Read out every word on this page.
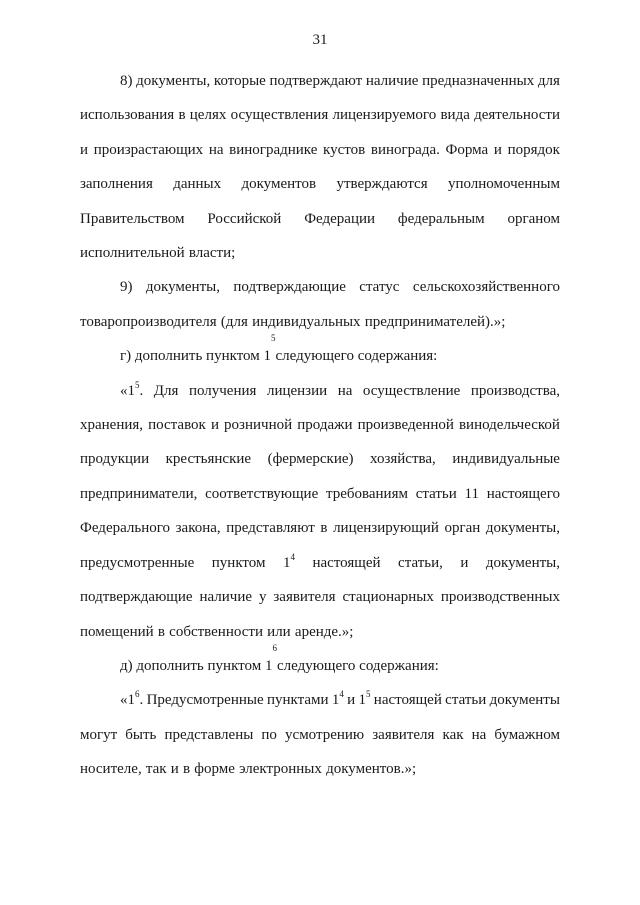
31
8) документы, которые подтверждают наличие предназначенных для
использования в целях осуществления лицензируемого вида деятельности
и произрастающих на винограднике кустов винограда. Форма и порядок
заполнения данных документов утверждаются уполномоченным
Правительством Российской Федерации федеральным органом
исполнительной власти;
9) документы, подтверждающие статус сельскохозяйственного
товаропроизводителя (для индивидуальных предпринимателей).»;
г) дополнить пунктом 1
$^5$
следующего содержания:
«$1^5$. Для получения лицензии на осуществление производства,
хранения, поставок и розничной продажи произведенной винодельческой
продукции крестьянские (фермерские) хозяйства, индивидуальные
предприниматели, соответствующие требованиям статьи 11 настоящего
Федерального закона, представляют в лицензирующий орган документы,
предусмотренные пунктом $1^4$ настоящей статьи, и документы,
подтверждающие наличие у заявителя стационарных производственных
помещений в собственности или аренде.»;
д) дополнить пунктом 1
$^6$
следующего содержания:
«$1^6$. Предусмотренные пунктами $1^4$ и $1^5$ настоящей статьи документы
могут быть представлены по усмотрению заявителя как на бумажном
носителе, так и в форме электронных документов.»;
